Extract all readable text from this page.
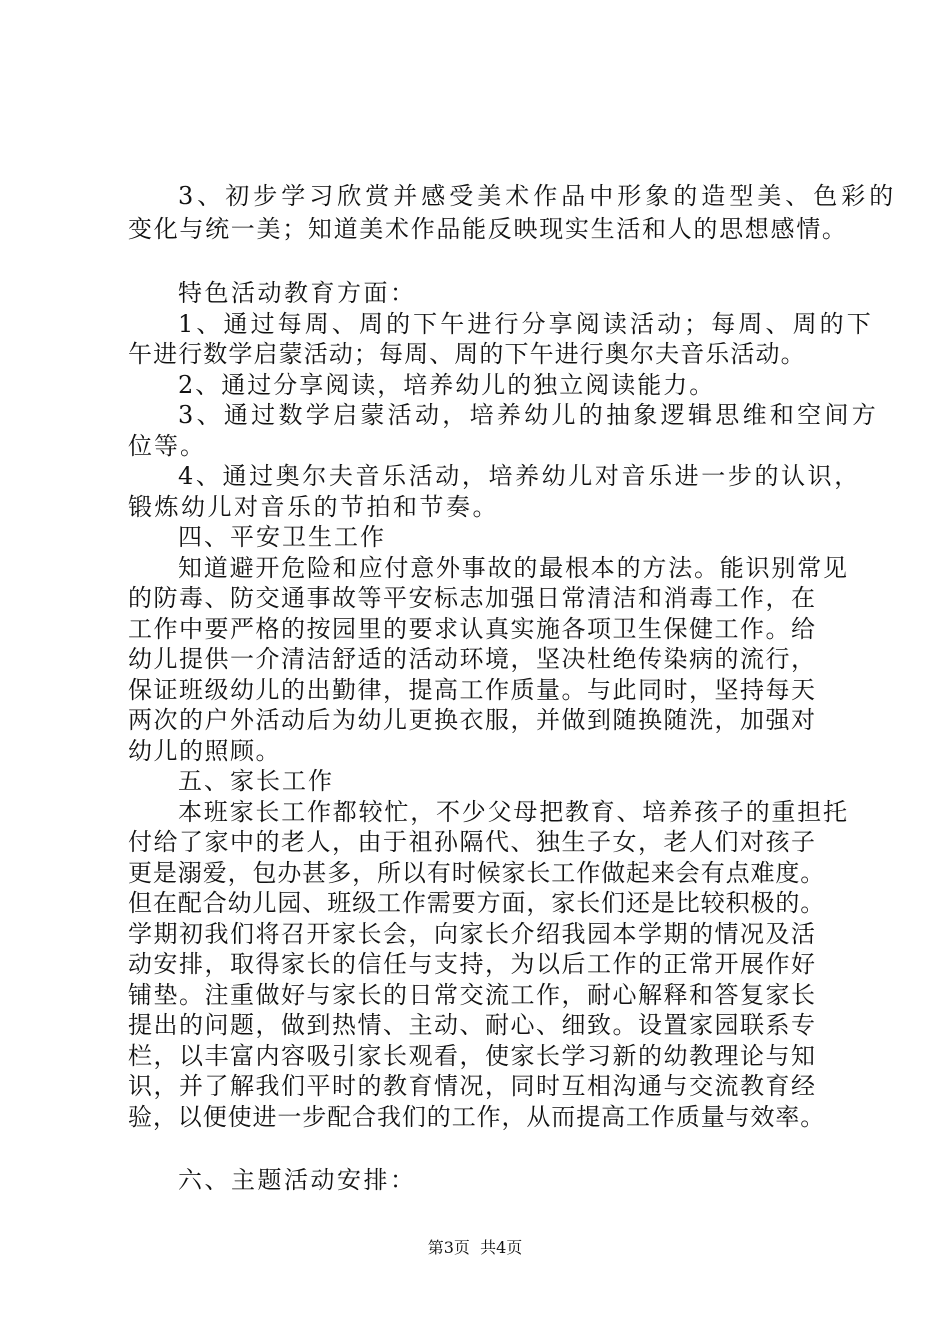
3、初步学习欣赏并感受美术作品中形象的造型美、色彩的
变化与统一美；知道美术作品能反映现实生活和人的思想感情。
特色活动教育方面：
1、通过每周、周的下午进行分享阅读活动；每周、周的下
午进行数学启蒙活动；每周、周的下午进行奥尔夫音乐活动。
2、通过分享阅读，培养幼儿的独立阅读能力。
3、通过数学启蒙活动，培养幼儿的抽象逻辑思维和空间方
位等。
4、通过奥尔夫音乐活动，培养幼儿对音乐进一步的认识，
锻炼幼儿对音乐的节拍和节奏。
四、平安卫生工作
知道避开危险和应付意外事故的最根本的方法。能识别常见
的防毒、防交通事故等平安标志加强日常清洁和消毒工作，在
工作中要严格的按园里的要求认真实施各项卫生保健工作。给
幼儿提供一介清洁舒适的活动环境，坚决杜绝传染病的流行，
保证班级幼儿的出勤律，提高工作质量。与此同时，坚持每天
两次的户外活动后为幼儿更换衣服，并做到随换随洗，加强对
幼儿的照顾。
五、家长工作
本班家长工作都较忙，不少父母把教育、培养孩子的重担托
付给了家中的老人，由于祖孙隔代、独生子女，老人们对孩子
更是溺爱，包办甚多，所以有时候家长工作做起来会有点难度。
但在配合幼儿园、班级工作需要方面，家长们还是比较积极的。
学期初我们将召开家长会，向家长介绍我园本学期的情况及活
动安排，取得家长的信任与支持，为以后工作的正常开展作好
铺垫。注重做好与家长的日常交流工作，耐心解释和答复家长
提出的问题，做到热情、主动、耐心、细致。设置家园联系专
栏，以丰富内容吸引家长观看，使家长学习新的幼教理论与知
识，并了解我们平时的教育情况，同时互相沟通与交流教育经
验，以便使进一步配合我们的工作，从而提高工作质量与效率。
六、主题活动安排：
第3页 共4页
